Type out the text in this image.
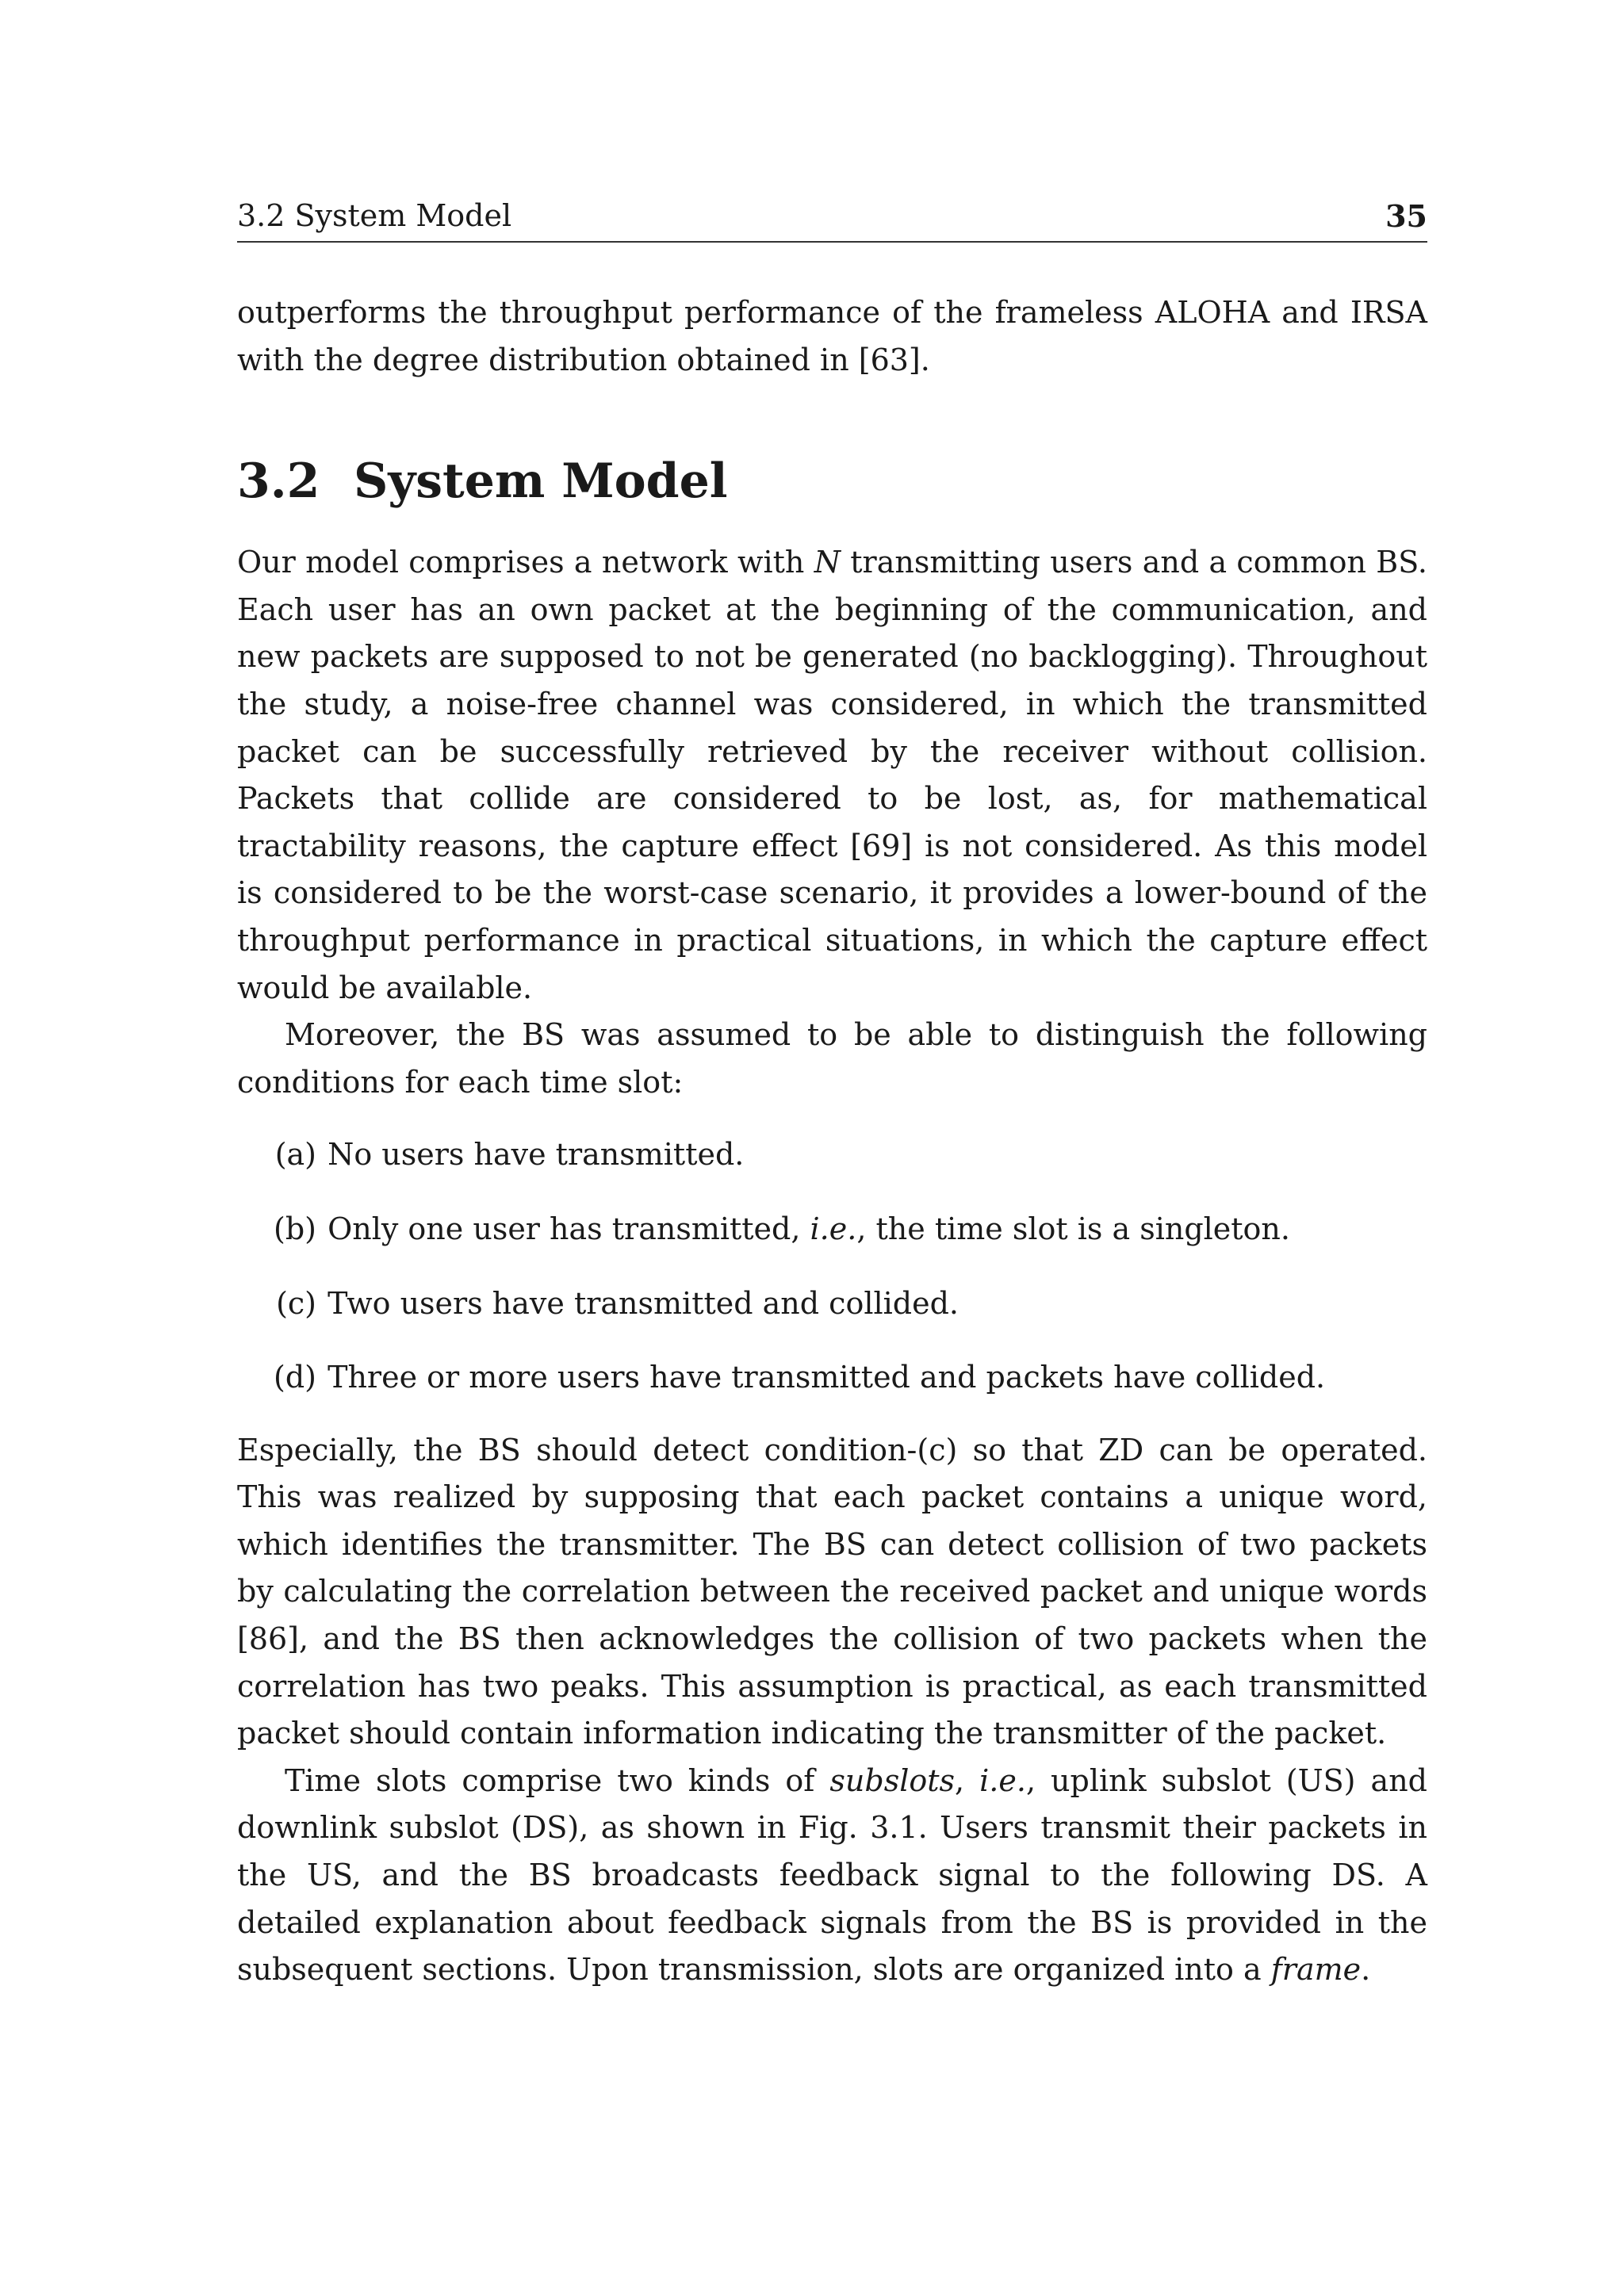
3.2 System Model	35

outperforms the throughput performance of the frameless ALOHA and IRSA with the degree distribution obtained in [63].

3.2 System Model

Our model comprises a network with N transmitting users and a common BS. Each user has an own packet at the beginning of the communication, and new packets are supposed to not be generated (no backlogging). Throughout the study, a noise-free channel was considered, in which the transmitted packet can be successfully retrieved by the receiver without collision. Packets that collide are considered to be lost, as, for mathematical tractability reasons, the capture effect [69] is not considered. As this model is considered to be the worst-case scenario, it provides a lower-bound of the throughput performance in practical situations, in which the capture effect would be available.

Moreover, the BS was assumed to be able to distinguish the following conditions for each time slot:

(a)
No users have transmitted.
(b)
Only one user has transmitted, i.e., the time slot is a singleton.
(c)
Two users have transmitted and collided.
(d)
Three or more users have transmitted and packets have collided.

Especially, the BS should detect condition-(c) so that ZD can be operated. This was realized by supposing that each packet contains a unique word, which identifies the transmitter. The BS can detect collision of two packets by calculating the correlation between the received packet and unique words [86], and the BS then acknowledges the collision of two packets when the correlation has two peaks. This assumption is practical, as each transmitted packet should contain information indicating the transmitter of the packet.

Time slots comprise two kinds of subslots, i.e., uplink subslot (US) and downlink subslot (DS), as shown in Fig. 3.1. Users transmit their packets in the US, and the BS broadcasts feedback signal to the following DS. A detailed explanation about feedback signals from the BS is provided in the subsequent sections. Upon transmission, slots are organized into a frame.
